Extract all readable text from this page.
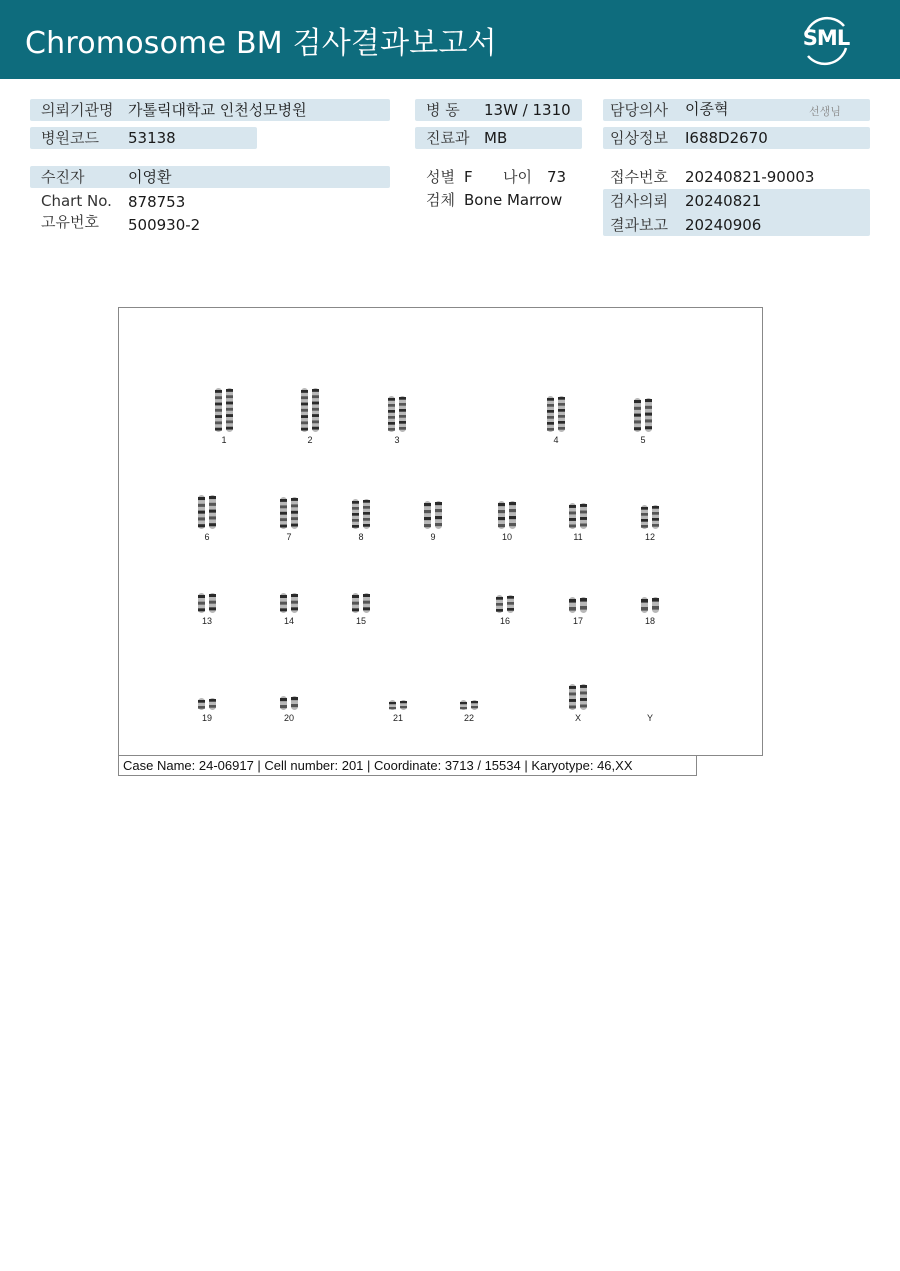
Chromosome BM 검사결과보고서	SML
의뢰기관명 가톨릭대학교 인천성모병원
병원코드 53138
수진자	이영환
Chart No. 878753
고유번호 500930-2
병 동 13W / 1310
진료과 MB
성별 F 나이 73
검체 Bone Marrow
담당의사 이종혁	선생님
임상정보 I688D2670
접수번호 20240821-90003
검사의뢰 20240821
결과보고 20240906
1	2	3	4	5
6	7	8	9	10	11	12
13	14	15	16	17	18
19	20	21	22	X	Y
Case Name: 24-06917 | Cell number: 201 | Coordinate: 3713 / 15534 | Karyotype: 46,XX
